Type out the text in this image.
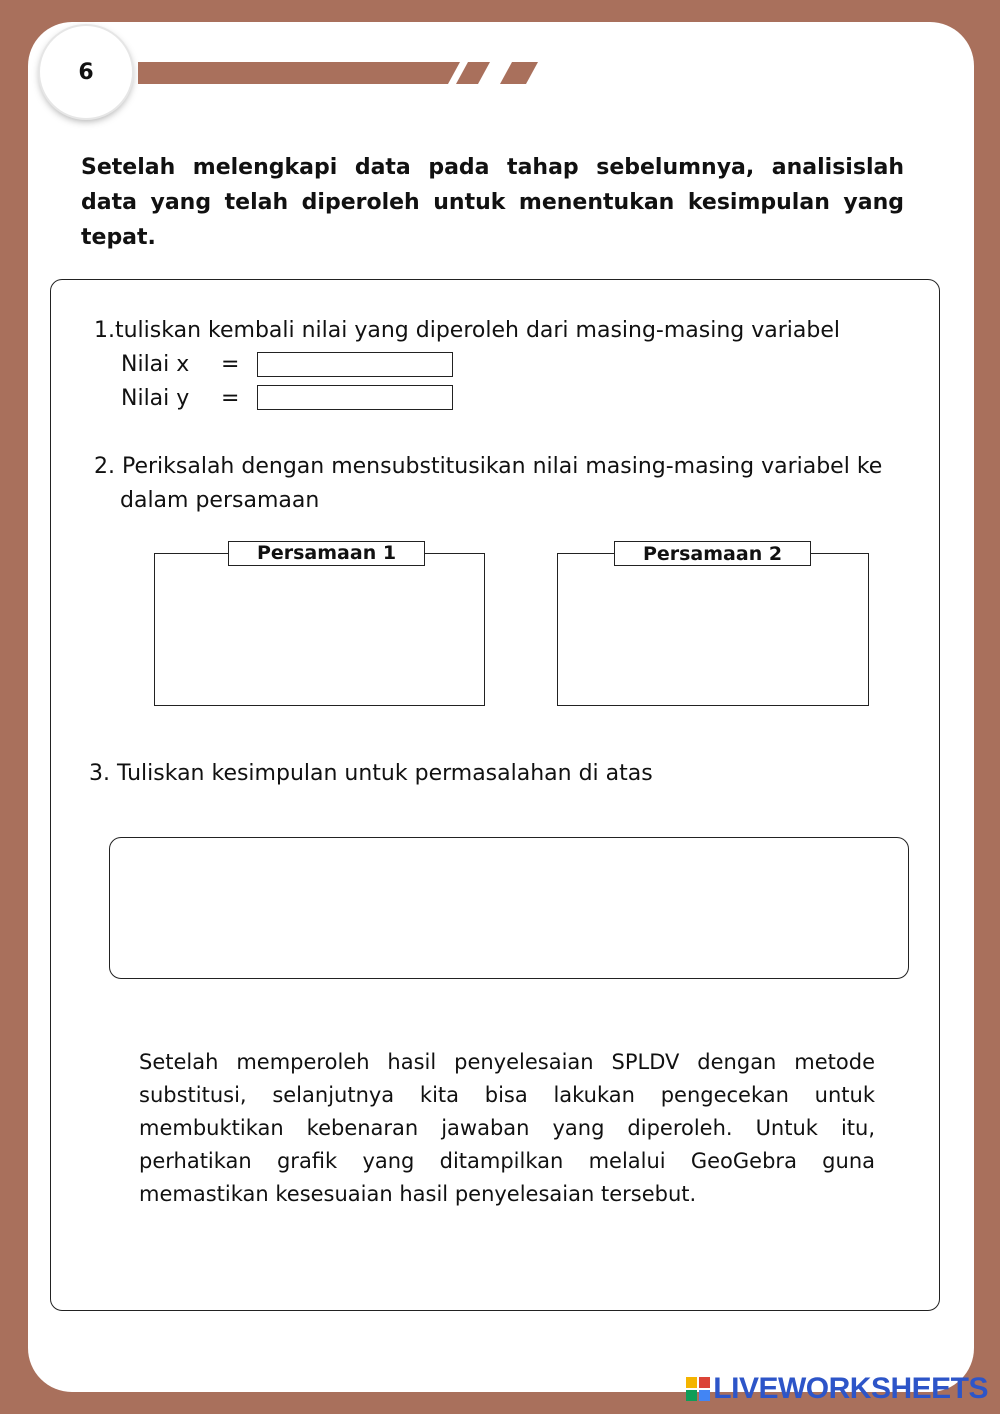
6

Setelah melengkapi data pada tahap sebelumnya, analisislah data yang telah diperoleh untuk menentukan kesimpulan yang tepat.

1.tuliskan kembali nilai yang diperoleh dari masing-masing variabel

Nilai x =
Nilai y =

2. Periksalah dengan mensubstitusikan nilai masing-masing variabel ke
dalam persamaan

Persamaan 1	Persamaan 2

3. Tuliskan kesimpulan untuk permasalahan di atas

Setelah memperoleh hasil penyelesaian SPLDV dengan metode substitusi, selanjutnya kita bisa lakukan pengecekan untuk membuktikan kebenaran jawaban yang diperoleh. Untuk itu, perhatikan grafik yang ditampilkan melalui GeoGebra guna memastikan kesesuaian hasil penyelesaian tersebut.

LIVEWORKSHEETS
